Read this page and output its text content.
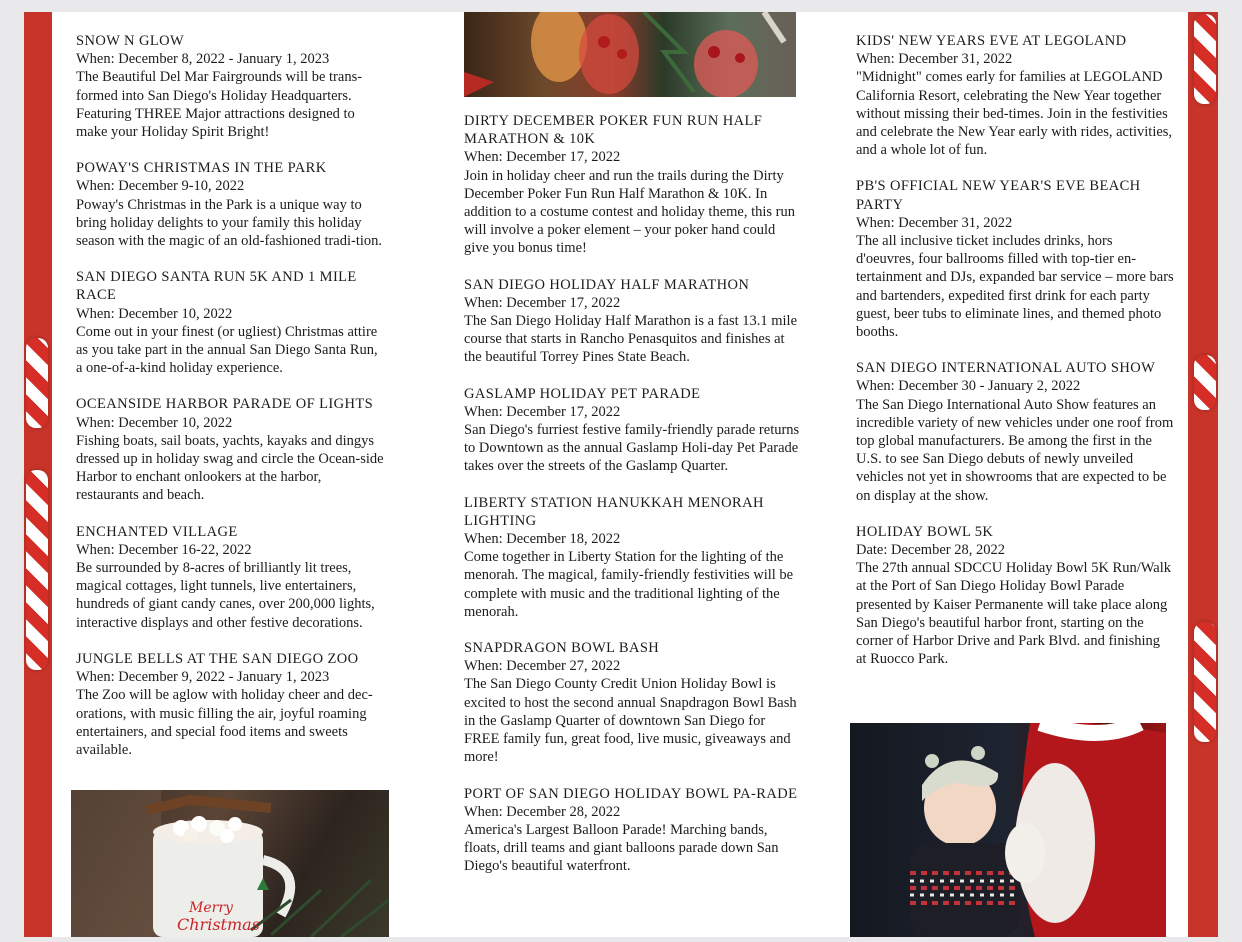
SNOW N GLOW
When: December 8, 2022 - January 1, 2023
The Beautiful Del Mar Fairgrounds will be trans-formed into San Diego's Holiday Headquarters. Featuring THREE Major attractions designed to make your Holiday Spirit Bright!
POWAY'S CHRISTMAS IN THE PARK
When: December 9-10, 2022
Poway's Christmas in the Park is a unique way to bring holiday delights to your family this holiday season with the magic of an old-fashioned tradi-tion.
SAN DIEGO SANTA RUN 5K AND 1 MILE RACE
When: December 10, 2022
Come out in your finest (or ugliest) Christmas attire as you take part in the annual San Diego Santa Run, a one-of-a-kind holiday experience.
OCEANSIDE HARBOR PARADE OF LIGHTS
When: December 10, 2022
Fishing boats, sail boats, yachts, kayaks and dingys dressed up in holiday swag and circle the Ocean-side Harbor to enchant onlookers at the harbor, restaurants and beach.
ENCHANTED VILLAGE
When: December 16-22, 2022
Be surrounded by 8-acres of brilliantly lit trees, magical cottages, light tunnels, live entertainers, hundreds of giant candy canes, over 200,000 lights, interactive displays and other festive decorations.
JUNGLE BELLS AT THE SAN DIEGO ZOO
When: December 9, 2022 - January 1, 2023
The Zoo will be aglow with holiday cheer and dec-orations, with music filling the air, joyful roaming entertainers, and special food items and sweets available.
DIRTY DECEMBER POKER FUN RUN HALF MARATHON & 10K
When: December 17, 2022
Join in holiday cheer and run the trails during the Dirty December Poker Fun Run Half Marathon & 10K. In addition to a costume contest and holiday theme, this run will involve a poker element – your poker hand could give you bonus time!
SAN DIEGO HOLIDAY HALF MARATHON
When: December 17, 2022
The San Diego Holiday Half Marathon is a fast 13.1 mile course that starts in Rancho Penasquitos and finishes at the beautiful Torrey Pines State Beach.
GASLAMP HOLIDAY PET PARADE
When: December 17, 2022
San Diego's furriest festive family-friendly parade returns to Downtown as the annual Gaslamp Holi-day Pet Parade takes over the streets of the Gaslamp Quarter.
LIBERTY STATION HANUKKAH MENORAH LIGHTING
When: December 18, 2022
Come together in Liberty Station for the lighting of the menorah. The magical, family-friendly festivities will be complete with music and the traditional lighting of the menorah.
SNAPDRAGON BOWL BASH
When: December 27, 2022
The San Diego County Credit Union Holiday Bowl is excited to host the second annual Snapdragon Bowl Bash in the Gaslamp Quarter of downtown San Diego for FREE family fun, great food, live music, giveaways and more!
PORT OF SAN DIEGO HOLIDAY BOWL PA-RADE
When: December 28, 2022
America's Largest Balloon Parade! Marching bands, floats, drill teams and giant balloons parade down San Diego's beautiful waterfront.
KIDS' NEW YEARS EVE AT LEGOLAND
When: December 31, 2022
"Midnight" comes early for families at LEGOLAND California Resort, celebrating the New Year together without missing their bed-times. Join in the festivities and celebrate the New Year early with rides, activities, and a whole lot of fun.
PB'S OFFICIAL NEW YEAR'S EVE BEACH PARTY
When: December 31, 2022
The all inclusive ticket includes drinks, hors d'oeuvres, four ballrooms filled with top-tier en-tertainment and DJs, expanded bar service – more bars and bartenders, expedited first drink for each party guest, beer tubs to eliminate lines, and themed photo booths.
SAN DIEGO INTERNATIONAL AUTO SHOW
When: December 30 - January 2, 2022
The San Diego International Auto Show features an incredible variety of new vehicles under one roof from top global manufacturers. Be among the first in the U.S. to see San Diego debuts of newly unveiled vehicles not yet in showrooms that are expected to be on display at the show.
HOLIDAY BOWL 5K
Date: December 28, 2022
The 27th annual SDCCU Holiday Bowl 5K Run/Walk at the Port of San Diego Holiday Bowl Parade presented by Kaiser Permanente will take place along San Diego's beautiful harbor front, starting on the corner of Harbor Drive and Park Blvd. and finishing at Ruocco Park.
Merry
Christmas
